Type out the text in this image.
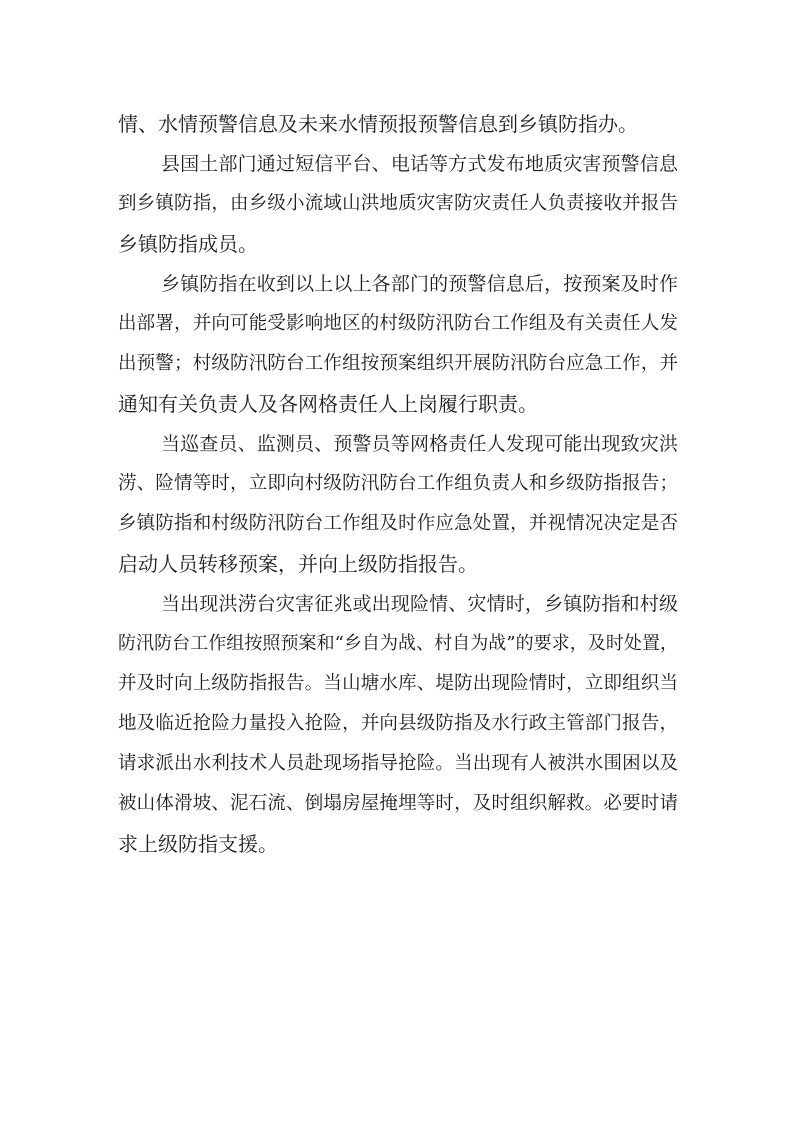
情、水情预警信息及未来水情预报预警信息到乡镇防指办。
县国土部门通过短信平台、电话等方式发布地质灾害预警信息
到乡镇防指，由乡级小流域山洪地质灾害防灾责任人负责接收并报告
乡镇防指成员。
乡镇防指在收到以上以上各部门的预警信息后，按预案及时作
出部署，并向可能受影响地区的村级防汛防台工作组及有关责任人发
出预警；村级防汛防台工作组按预案组织开展防汛防台应急工作，并
通知有关负责人及各网格责任人上岗履行职责。
当巡查员、监测员、预警员等网格责任人发现可能出现致灾洪
涝、险情等时，立即向村级防汛防台工作组负责人和乡级防指报告；
乡镇防指和村级防汛防台工作组及时作应急处置，并视情况决定是否
启动人员转移预案，并向上级防指报告。
当出现洪涝台灾害征兆或出现险情、灾情时，乡镇防指和村级
防汛防台工作组按照预案和“乡自为战、村自为战”的要求，及时处置，
并及时向上级防指报告。当山塘水库、堤防出现险情时，立即组织当
地及临近抢险力量投入抢险，并向县级防指及水行政主管部门报告，
请求派出水利技术人员赴现场指导抢险。当出现有人被洪水围困以及
被山体滑坡、泥石流、倒塌房屋掩埋等时，及时组织解救。必要时请
求上级防指支援。
